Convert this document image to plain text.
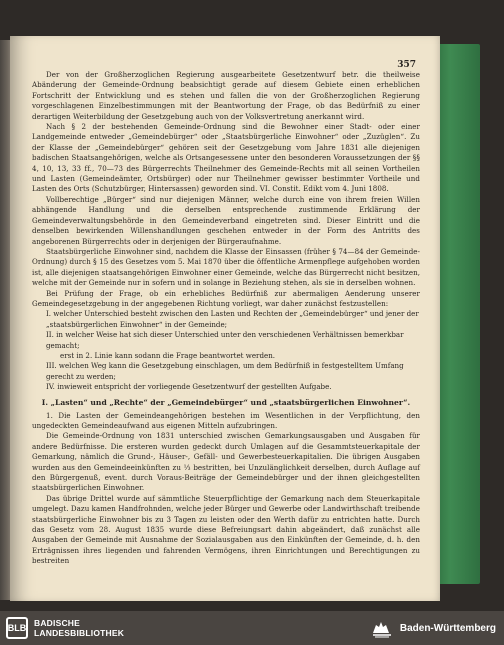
357

Der von der Großherzoglichen Regierung ausgearbeitete Gesetzentwurf betr. die theilweise Abänderung der Gemeinde-Ordnung beabsichtigt gerade auf diesem Gebiete einen erheblichen Fortschritt der Entwicklung und es stehen und fallen die von der Großherzoglichen Regierung vorgeschlagenen Einzelbestimmungen mit der Beantwortung der Frage, ob das Bedürfniß zu einer derartigen Weiterbildung der Gesetzgebung auch von der Volksvertretung anerkannt wird.

Nach § 2 der bestehenden Gemeinde-Ordnung sind die Bewohner einer Stadt- oder einer Landgemeinde entweder „Gemeindebürger“ oder „Staatsbürgerliche Einwohner“ oder „Zuzüglen“. Zu der Klasse der „Gemeindebürger“ gehören seit der Gesetzgebung vom Jahre 1831 alle diejenigen badischen Staatsangehörigen, welche als Ortsangesessene unter den besonderen Voraussetzungen der §§ 4, 10, 13, 33 ff., 70—73 des Bürgerrechts Theilnehmer des Gemeinde-Rechts mit all seinen Vortheilen und Lasten (Gemeindeämter, Ortsbürger) oder nur Theilnehmer gewisser bestimmter Vortheile und Lasten des Orts (Schutzbürger, Hintersassen) geworden sind. VI. Constit. Edikt vom 4. Juni 1808.

Vollberechtige „Bürger“ sind nur diejenigen Männer, welche durch eine von ihrem freien Willen abhängende Handlung und die derselben entsprechende zustimmende Erklärung der Gemeindeverwaltungsbehörde in den Gemeindeverband eingetreten sind. Dieser Eintritt und die denselben bewirkenden Willenshandlungen geschehen entweder in der Form des Antritts des angeborenen Bürgerrechts oder in derjenigen der Bürgeraufnahme.

Staatsbürgerliche Einwohner sind, nachdem die Klasse der Einsassen (früher § 74—84 der Gemeinde-Ordnung) durch § 15 des Gesetzes vom 5. Mai 1870 über die öffentliche Armenpflege aufgehoben worden ist, alle diejenigen staatsangehörigen Einwohner einer Gemeinde, welche das Bürgerrecht nicht besitzen, welche mit der Gemeinde nur in sofern und in solange in Beziehung stehen, als sie in derselben wohnen.

Bei Prüfung der Frage, ob ein erhebliches Bedürfniß zur abermaligen Aenderung unserer Gemeindegesetzgebung in der angegebenen Richtung vorliegt, war daher zunächst festzustellen:

I. welcher Unterschied besteht zwischen den Lasten und Rechten der „Gemeindebürger“ und jener der „staatsbürgerlichen Einwohner“ in der Gemeinde;

II. in welcher Weise hat sich dieser Unterschied unter den verschiedenen Verhältnissen bemerkbar gemacht;

erst in 2. Linie kann sodann die Frage beantwortet werden.

III. welchen Weg kann die Gesetzgebung einschlagen, um dem Bedürfniß in festgestelltem Umfang gerecht zu werden;

IV. inwieweit entspricht der vorliegende Gesetzentwurf der gestellten Aufgabe.

I. „Lasten“ und „Rechte“ der „Gemeindebürger“ und „staatsbürgerlichen Einwohner“.

1. Die Lasten der Gemeindeangehörigen bestehen im Wesentlichen in der Verpflichtung, den ungedeckten Gemeindeaufwand aus eigenen Mitteln aufzubringen.

Die Gemeinde-Ordnung von 1831 unterschied zwischen Gemarkungsausgaben und Ausgaben für andere Bedürfnisse. Die ersteren wurden gedeckt durch Umlagen auf die Gesammtsteuerkapitale der Gemarkung, nämlich die Grund-, Häuser-, Gefäll- und Gewerbesteuerkapitalien. Die übrigen Ausgaben wurden aus den Gemeindeeinkünften zu ⅓ bestritten, bei Unzulänglichkeit derselben, durch Auflage auf den Bürgergenuß, event. durch Voraus-Beiträge der Gemeindebürger und der ihnen gleichgestellten staatsbürgerlichen Einwohner.

Das übrige Drittel wurde auf sämmtliche Steuerpflichtige der Gemarkung nach dem Steuerkapitale umgelegt. Dazu kamen Handfrohnden, welche jeder Bürger und Gewerbe oder Landwirthschaft treibende staatsbürgerliche Einwohner bis zu 3 Tagen zu leisten oder den Werth dafür zu entrichten hatte. Durch das Gesetz vom 28. August 1835 wurde diese Befreiungsart dahin abgeändert, daß zunächst alle Ausgaben der Gemeinde mit Ausnahme der Sozialausgaben aus den Einkünften der Gemeinde, d. h. den Erträgnissen ihres liegenden und fahrenden Vermögens, ihren Einrichtungen und Berechtigungen zu bestreiten

BLB BADISCHE
LANDESBIBLIOTHEK	Baden-Württemberg
